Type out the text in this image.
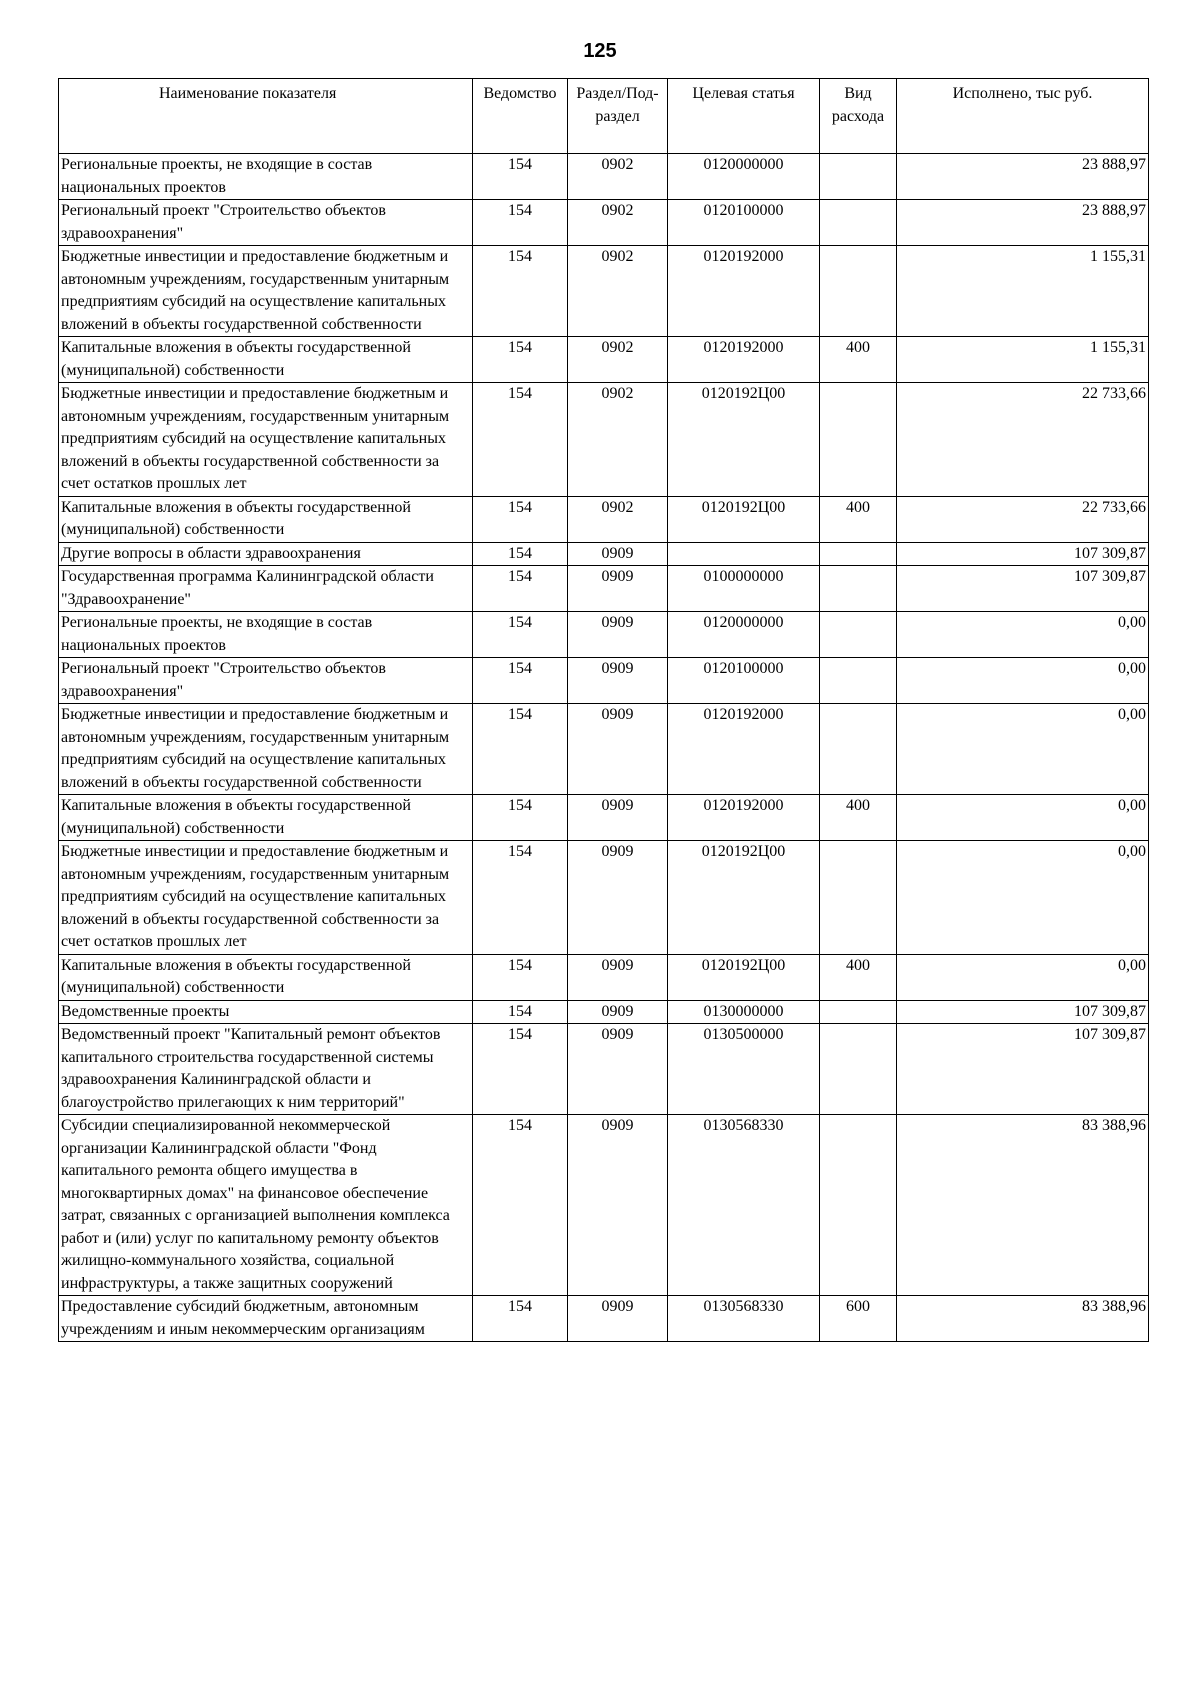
125
Наименование показателя	Ведомство	Раздел/Под- раздел	Целевая статья	Вид расхода	Исполнено, тыс руб.
Региональные проекты, не входящие в состав национальных проектов	154	0902	0120000000		23 888,97
Региональный проект "Строительство объектов здравоохранения"	154	0902	0120100000		23 888,97
Бюджетные инвестиции и предоставление бюджетным и автономным учреждениям, государственным унитарным предприятиям субсидий на осуществление капитальных вложений в объекты государственной собственности	154	0902	0120192000		1 155,31
Капитальные вложения в объекты государственной (муниципальной) собственности	154	0902	0120192000	400	1 155,31
Бюджетные инвестиции и предоставление бюджетным и автономным учреждениям, государственным унитарным предприятиям субсидий на осуществление капитальных вложений в объекты государственной собственности за счет остатков прошлых лет	154	0902	0120192Ц00		22 733,66
Капитальные вложения в объекты государственной (муниципальной) собственности	154	0902	0120192Ц00	400	22 733,66
Другие вопросы в области здравоохранения	154	0909			107 309,87
Государственная программа Калининградской области "Здравоохранение"	154	0909	0100000000		107 309,87
Региональные проекты, не входящие в состав национальных проектов	154	0909	0120000000		0,00
Региональный проект "Строительство объектов здравоохранения"	154	0909	0120100000		0,00
Бюджетные инвестиции и предоставление бюджетным и автономным учреждениям, государственным унитарным предприятиям субсидий на осуществление капитальных вложений в объекты государственной собственности	154	0909	0120192000		0,00
Капитальные вложения в объекты государственной (муниципальной) собственности	154	0909	0120192000	400	0,00
Бюджетные инвестиции и предоставление бюджетным и автономным учреждениям, государственным унитарным предприятиям субсидий на осуществление капитальных вложений в объекты государственной собственности за счет остатков прошлых лет	154	0909	0120192Ц00		0,00
Капитальные вложения в объекты государственной (муниципальной) собственности	154	0909	0120192Ц00	400	0,00
Ведомственные проекты	154	0909	0130000000		107 309,87
Ведомственный проект "Капитальный ремонт объектов капитального строительства государственной системы здравоохранения Калининградской области и благоустройство прилегающих к ним территорий"	154	0909	0130500000		107 309,87
Субсидии специализированной некоммерческой организации Калининградской области "Фонд капитального ремонта общего имущества в многоквартирных домах" на финансовое обеспечение затрат, связанных с организацией выполнения комплекса работ и (или) услуг по капитальному ремонту объектов жилищно-коммунального хозяйства, социальной инфраструктуры, а также защитных сооружений	154	0909	0130568330		83 388,96
Предоставление субсидий бюджетным, автономным учреждениям и иным некоммерческим организациям	154	0909	0130568330	600	83 388,96
